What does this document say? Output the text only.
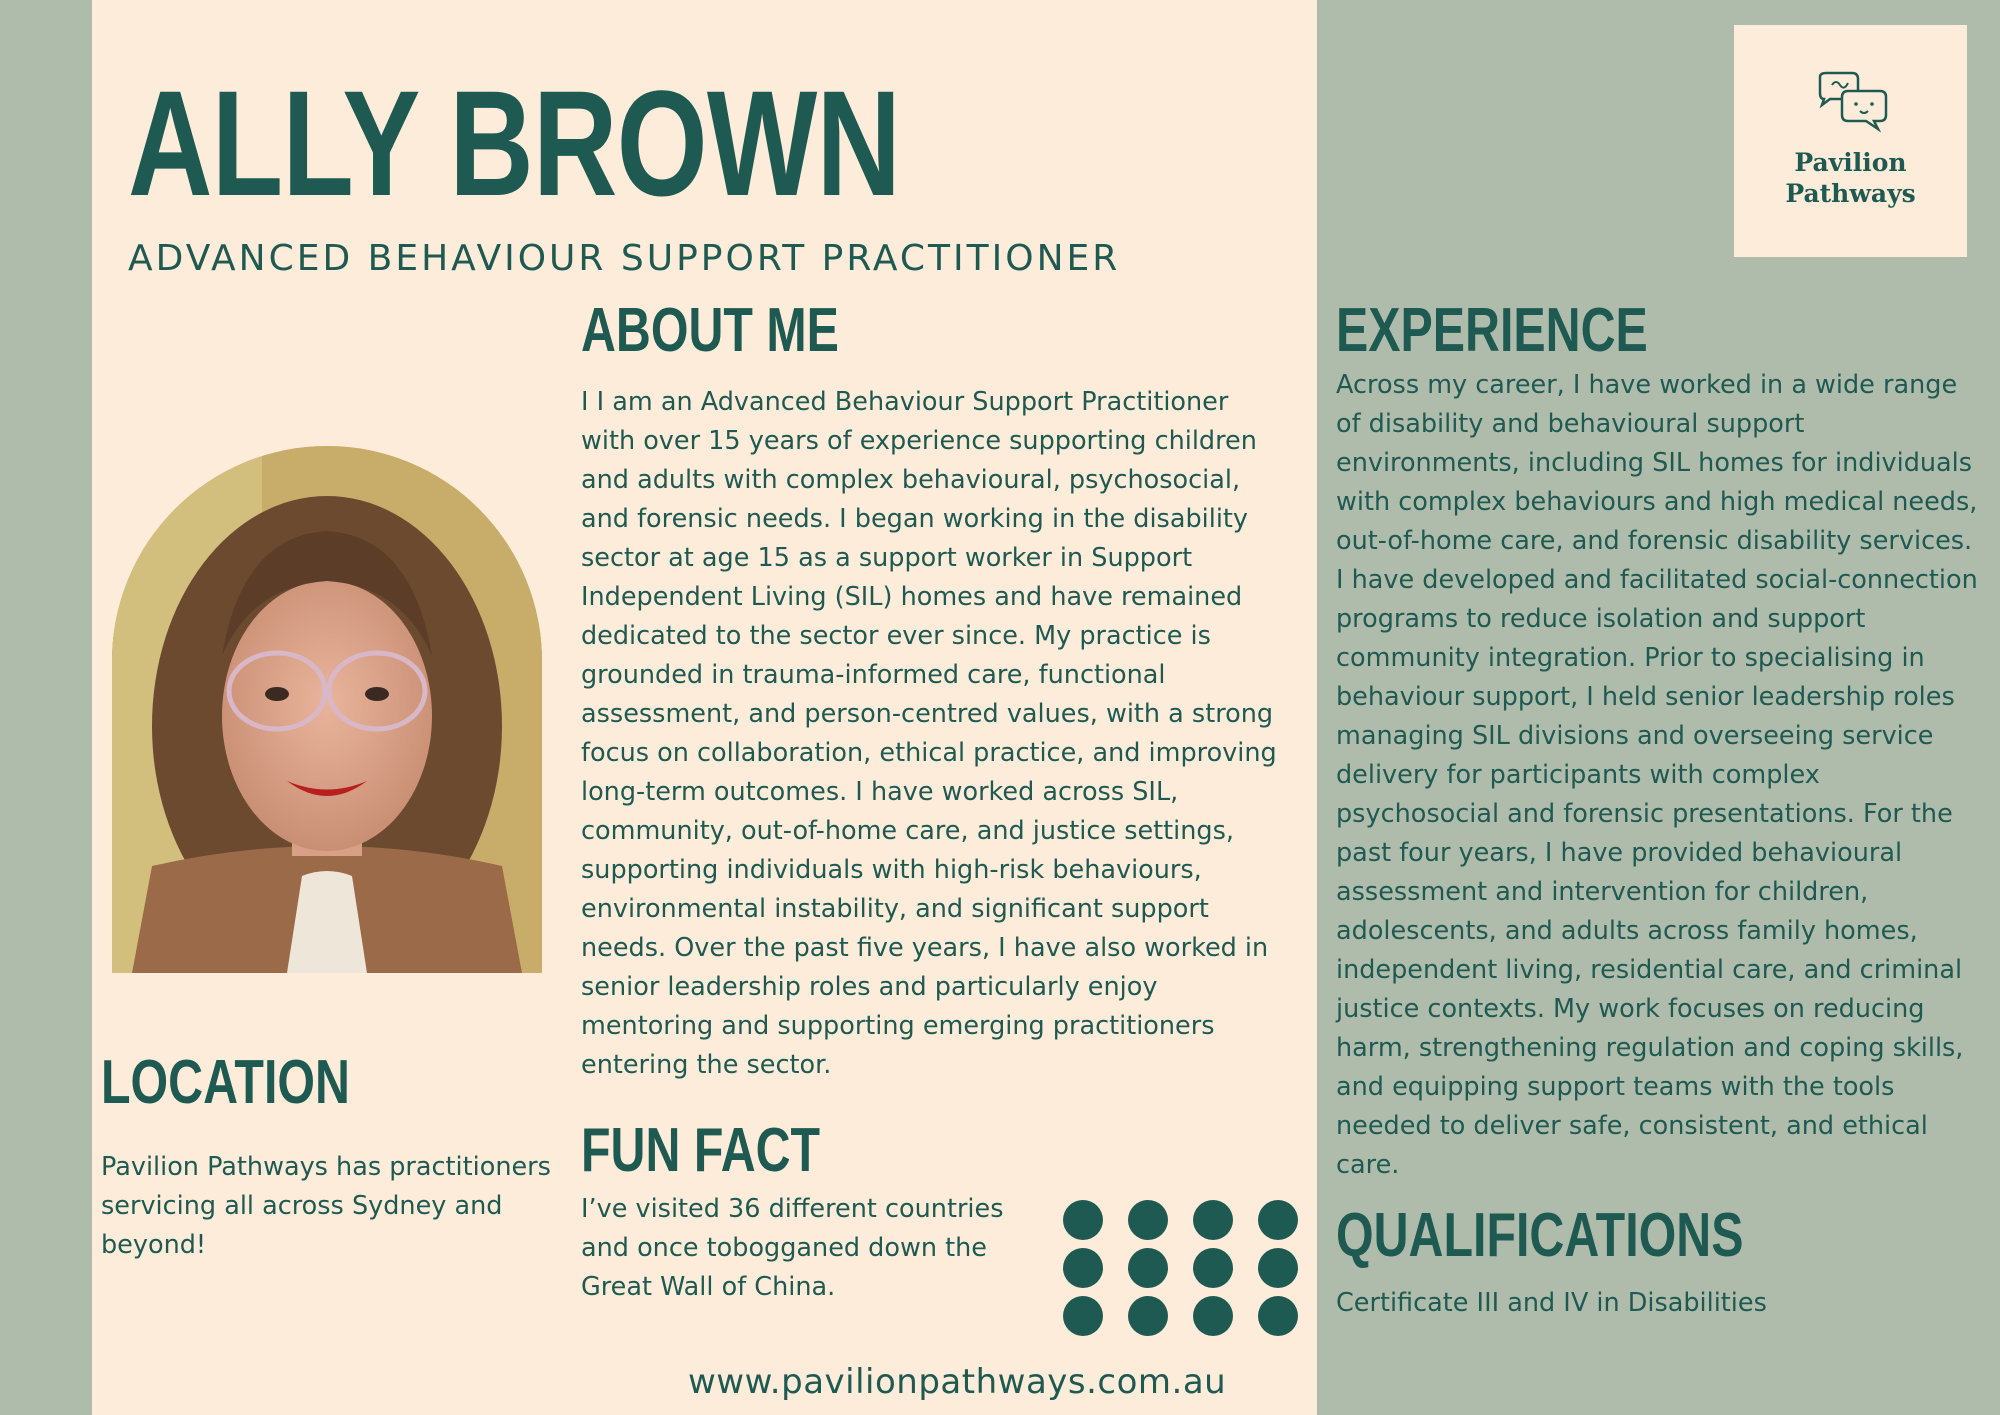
ALLY BROWN
ADVANCED BEHAVIOUR SUPPORT PRACTITIONER
ABOUT ME

I I am an Advanced Behaviour Support Practitioner with over 15 years of experience supporting children and adults with complex behavioural, psychosocial, and forensic needs. I began working in the disability sector at age 15 as a support worker in Support Independent Living (SIL) homes and have remained dedicated to the sector ever since. My practice is grounded in trauma-informed care, functional assessment, and person-centred values, with a strong focus on collaboration, ethical practice, and improving long-term outcomes. I have worked across SIL, community, out-of-home care, and justice settings, supporting individuals with high-risk behaviours, environmental instability, and significant support needs. Over the past five years, I have also worked in senior leadership roles and particularly enjoy mentoring and supporting emerging practitioners entering the sector.

LOCATION

Pavilion Pathways has practitioners servicing all across Sydney and beyond!

FUN FACT

I’ve visited 36 different countries and once tobogganed down the Great Wall of China.

www.pavilionpathways.com.au
Pavilion
Pathways
EXPERIENCE

Across my career, I have worked in a wide range of disability and behavioural support environments, including SIL homes for individuals with complex behaviours and high medical needs, out-of-home care, and forensic disability services. I have developed and facilitated social-connection programs to reduce isolation and support community integration. Prior to specialising in behaviour support, I held senior leadership roles managing SIL divisions and overseeing service delivery for participants with complex psychosocial and forensic presentations. For the past four years, I have provided behavioural assessment and intervention for children, adolescents, and adults across family homes, independent living, residential care, and criminal justice contexts. My work focuses on reducing harm, strengthening regulation and coping skills, and equipping support teams with the tools needed to deliver safe, consistent, and ethical care.

QUALIFICATIONS

Certificate III and IV in Disabilities
